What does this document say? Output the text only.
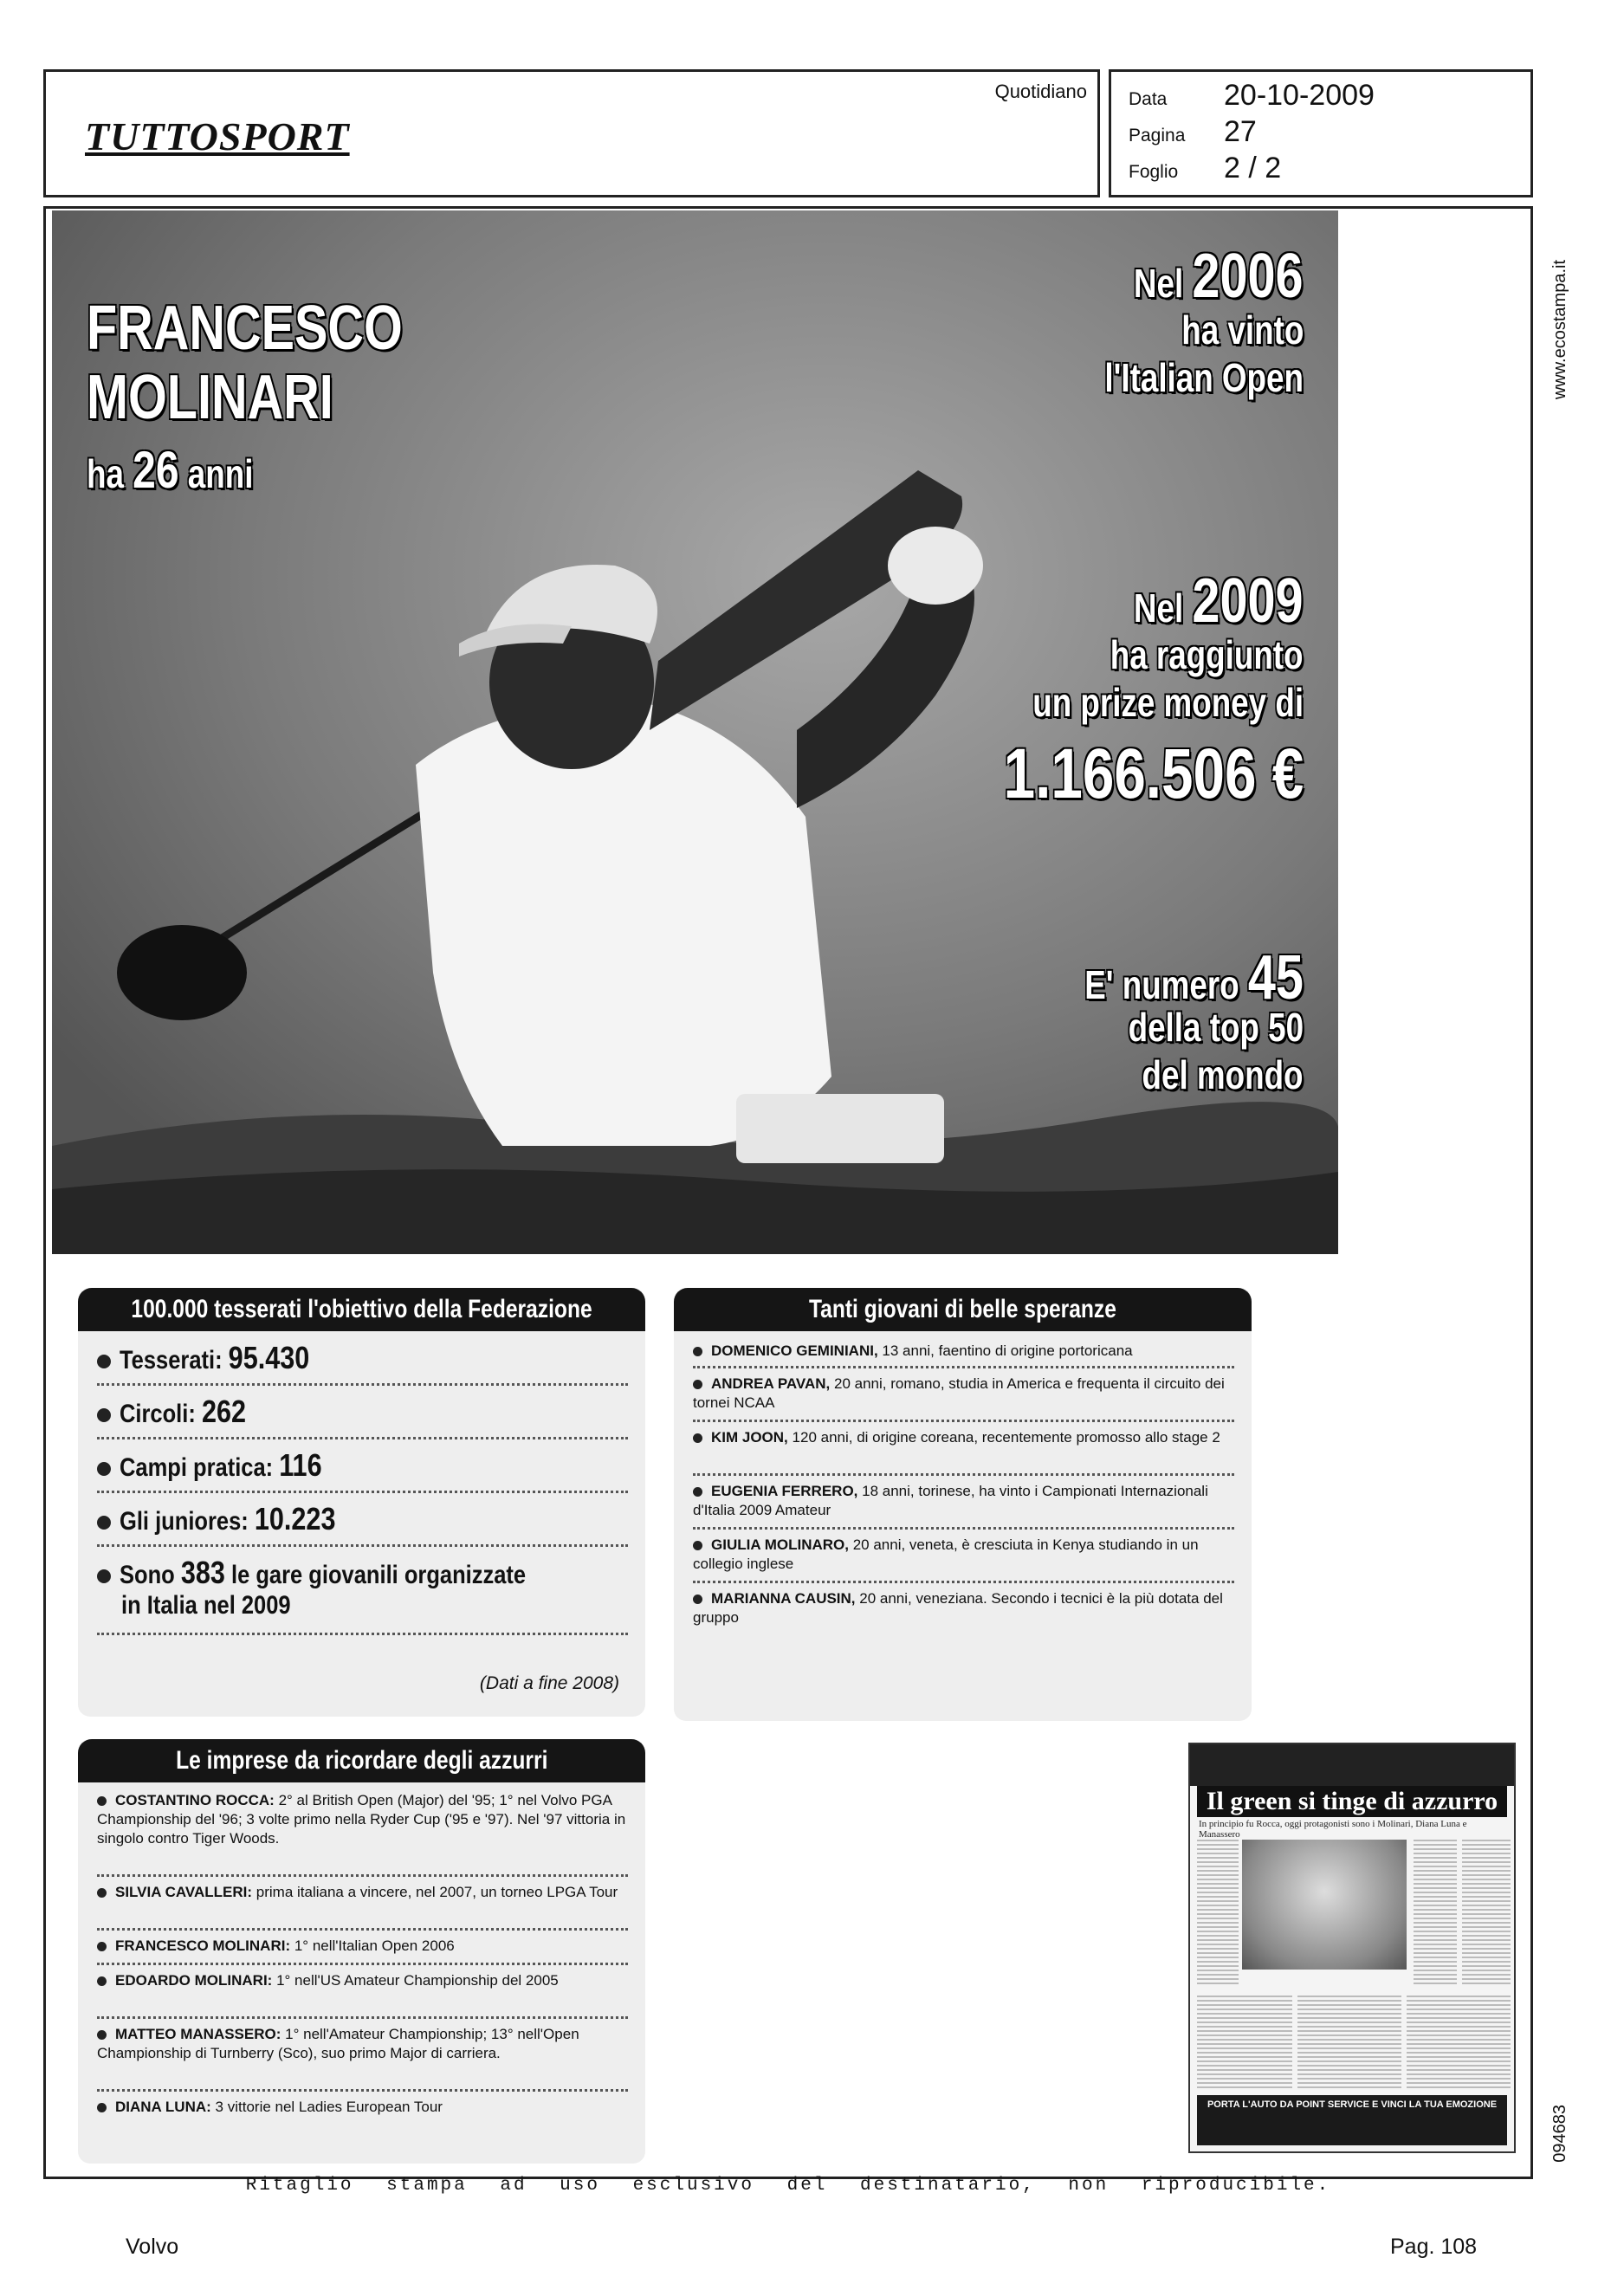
TUTTOSPORT
Quotidiano Data	20-10-2009
Pagina	27
Foglio	2 / 2
www.ecostampa.it
094683
FRANCESCO
MOLINARI
ha 26 anni
Nel 2006
ha vinto
l'Italian Open
Nel 2009
ha raggiunto
un prize money di
1.166.506 €
E' numero 45
della top 50
del mondo
100.000 tesserati l'obiettivo della Federazione
Tesserati: 95.430
Circoli: 262
Campi pratica: 116
Gli juniores: 10.223
Sono 383 le gare giovanili organizzate
in Italia nel 2009
(Dati a fine 2008)
Tanti giovani di belle speranze
DOMENICO GEMINIANI, 13 anni, faentino di origine portoricana
ANDREA PAVAN, 20 anni, romano, studia in America e frequenta il circuito dei tornei NCAA
KIM JOON, 120 anni, di origine coreana, recentemente promosso allo stage 2
EUGENIA FERRERO, 18 anni, torinese, ha vinto i Campionati Internazionali d'Italia 2009 Amateur
GIULIA MOLINARO, 20 anni, veneta, è cresciuta in Kenya studiando in un collegio inglese
MARIANNA CAUSIN, 20 anni, veneziana. Secondo i tecnici è la più dotata del gruppo
Le imprese da ricordare degli azzurri
COSTANTINO ROCCA: 2° al British Open (Major) del '95; 1° nel Volvo PGA Championship del '96; 3 volte primo nella Ryder Cup ('95 e '97). Nel '97 vittoria in singolo contro Tiger Woods.
SILVIA CAVALLERI: prima italiana a vincere, nel 2007, un torneo LPGA Tour
FRANCESCO MOLINARI: 1° nell'Italian Open 2006
EDOARDO MOLINARI: 1° nell'US Amateur Championship del 2005
MATTEO MANASSERO: 1° nell'Amateur Championship; 13° nell'Open Championship di Turnberry (Sco), suo primo Major di carriera.
DIANA LUNA: 3 vittorie nel Ladies European Tour
Il green si tinge di azzurro
In principio fu Rocca, oggi protagonisti sono i Molinari, Diana Luna e Manassero
PORTA L'AUTO DA POINT SERVICE E VINCI LA TUA EMOZIONE
Ritaglio stampa ad uso esclusivo del destinatario, non riproducibile.
Volvo	Pag. 108
